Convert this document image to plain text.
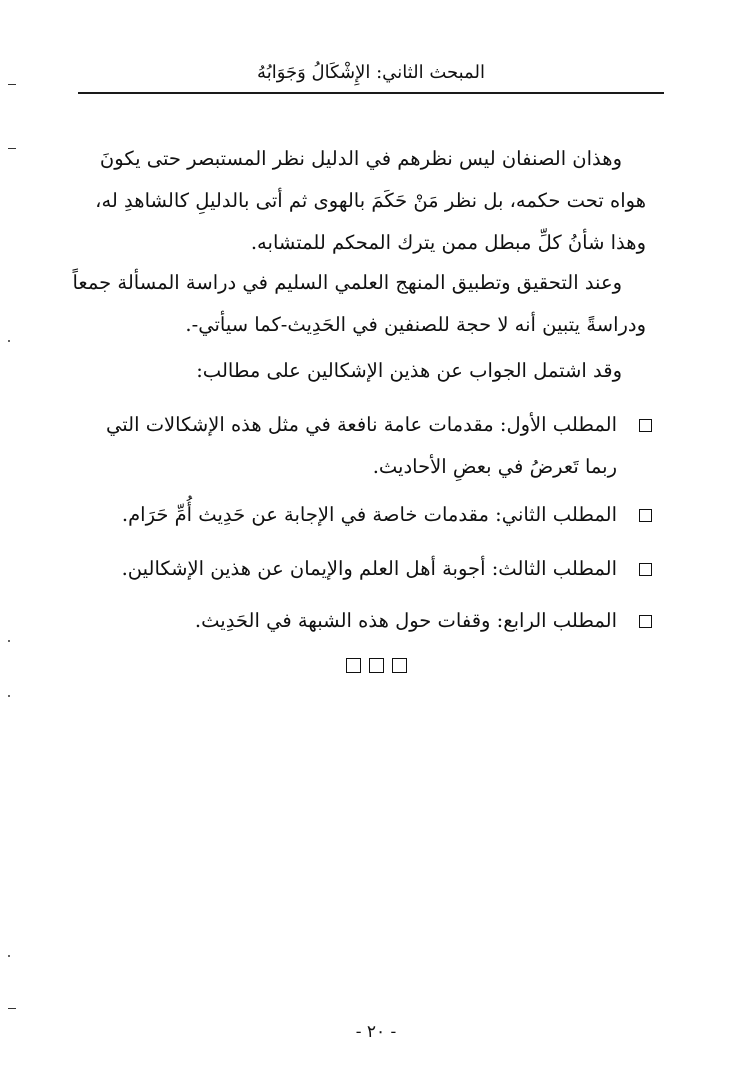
المبحث الثاني: الإِشْكَالُ وَجَوَابُهُ

وهذان الصنفان ليس نظرهم في الدليل نظر المستبصر حتى يكونَ هواه تحت حكمه، بل نظر مَنْ حَكَمَ بالهوى ثم أتى بالدليلِ كالشاهدِ له، وهذا شأنُ كلِّ مبطل ممن يترك المحكم للمتشابه.

وعند التحقيق وتطبيق المنهج العلمي السليم في دراسة المسألة جمعاً ودراسةً يتبين أنه لا حجة للصنفين في الحَدِيث-كما سيأتي-.

وقد اشتمل الجواب عن هذين الإشكالين على مطالب:

المطلب الأول: مقدمات عامة نافعة في مثل هذه الإشكالات التي ربما تَعرضُ في بعضِ الأحاديث.
المطلب الثاني: مقدمات خاصة في الإجابة عن حَدِيث أُمِّ حَرَام.
المطلب الثالث: أجوبة أهل العلم والإيمان عن هذين الإشكالين.
المطلب الرابع: وقفات حول هذه الشبهة في الحَدِيث.
- ٢٠ -
